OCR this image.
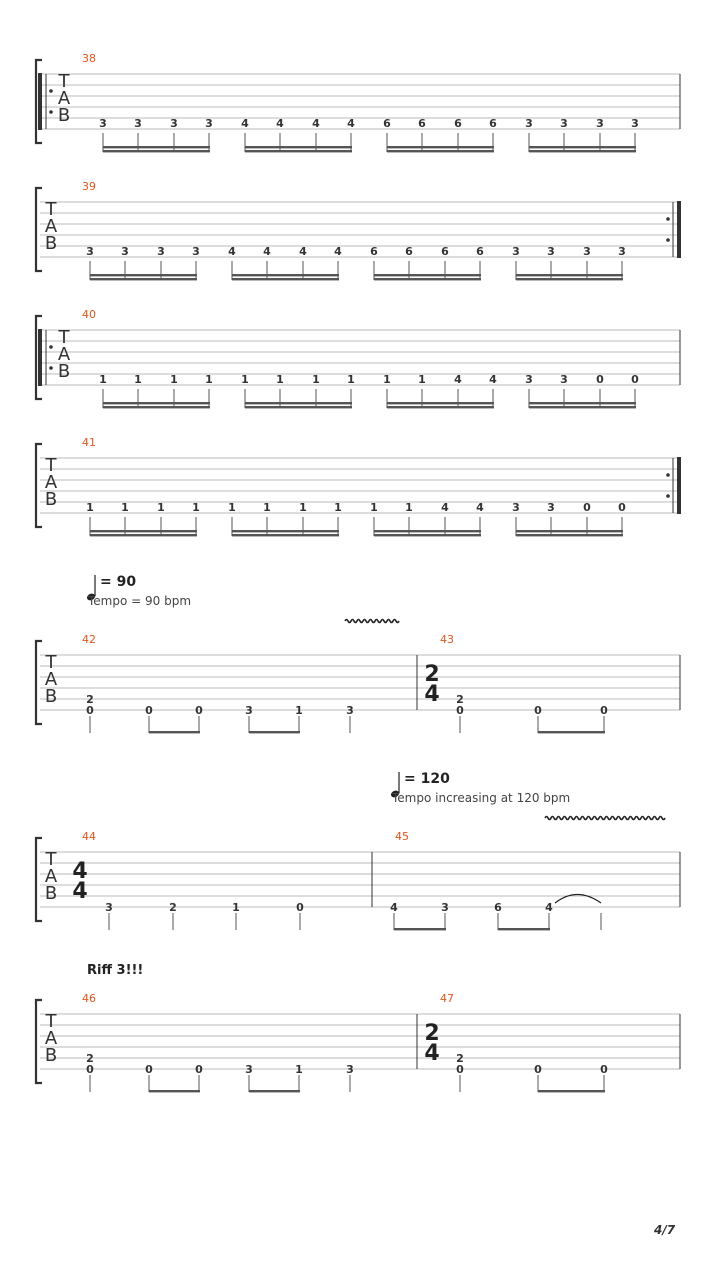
= 90
Tempo = 90 bpm
= 120
Tempo increasing at 120 bpm
Riff 3!!!
4/7
T
A
B
38
3 3	3 3	4 4	4 4	6 6	6 6	3 3	3 3
T
A
B
39
3 3	3 3	4 4	4 4	6 6	6 6	3 3	3 3
T
A
B
40
1 1	1 1	1 1	1 1	1 1	4 4	3 3	0 0
T
A
B
41
1 1	1 1	1 1	1 1	1 1	4 4	3 3	0 0
T
A
B
42
2
0	0	0	3	1	3
43
2
4 2
0	0	0
T
A
B
44
4
4
3	2	1	0
45
4	3	6	4
T
A
B
46
2
0	0	0	3	1	3
47
2
4 2
0	0	0
